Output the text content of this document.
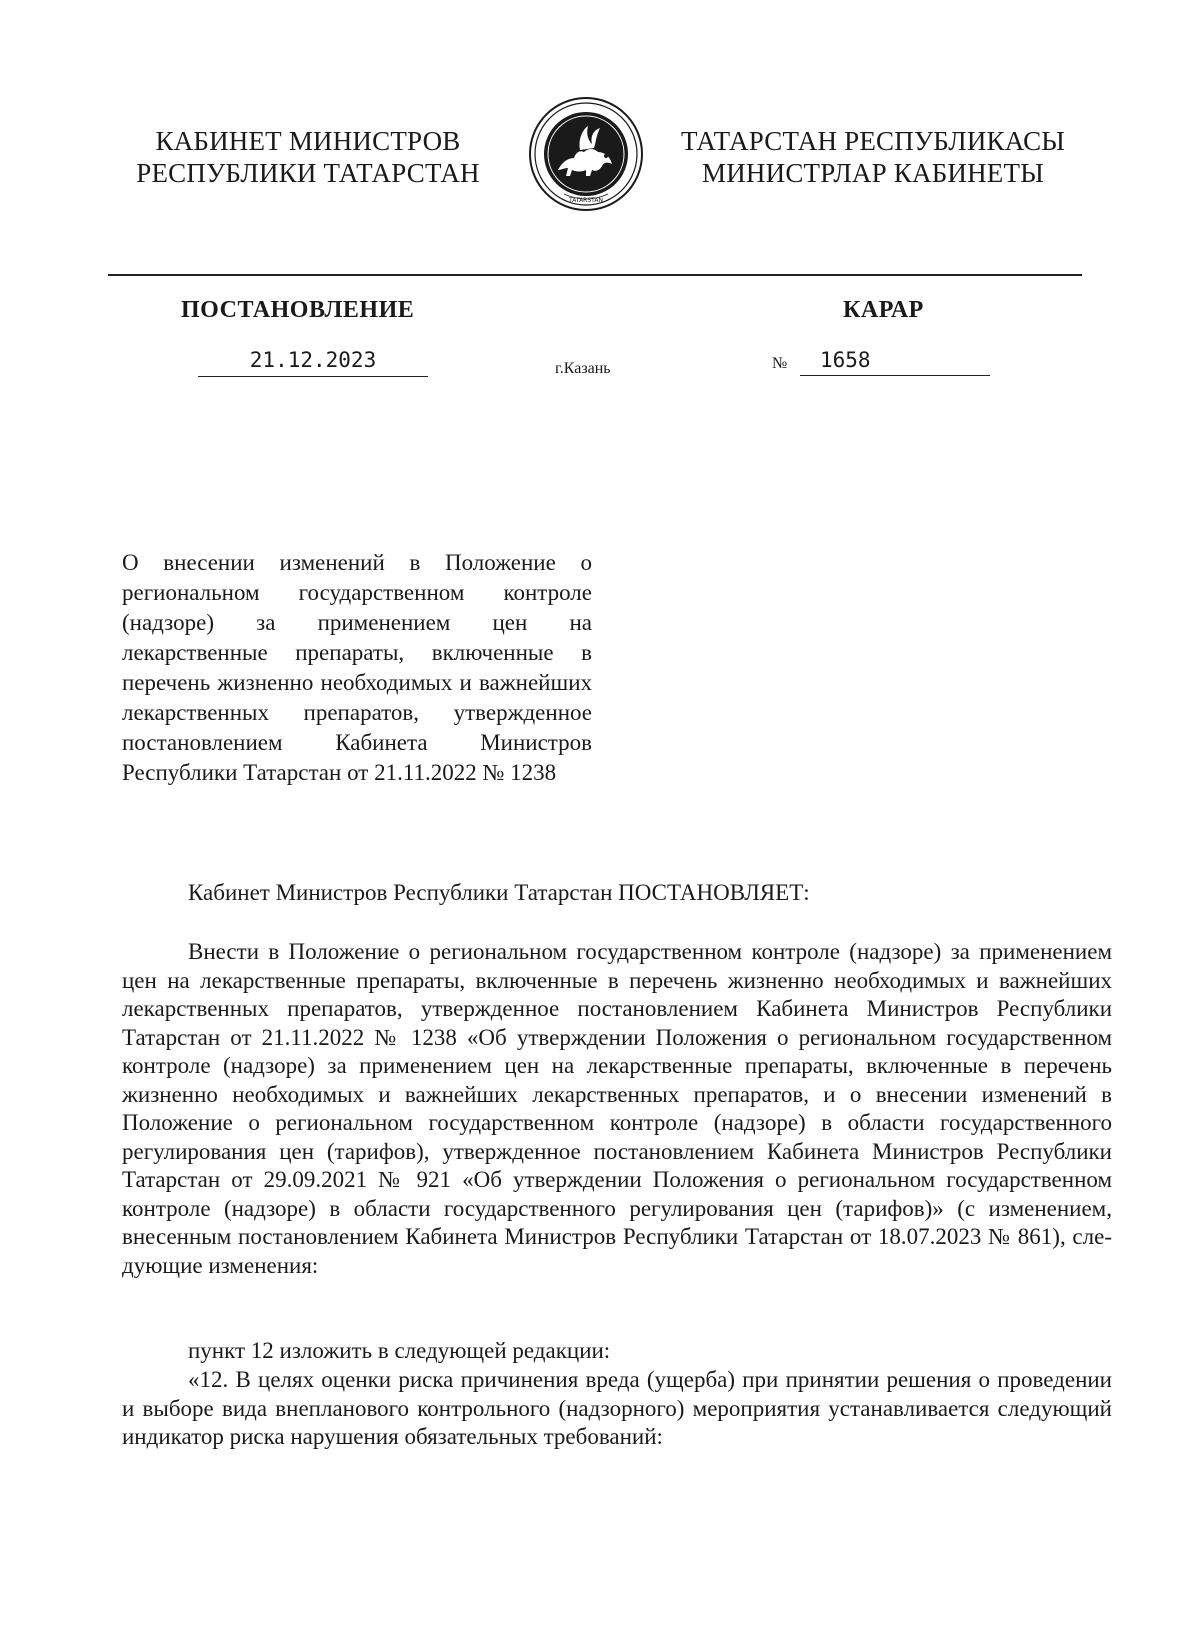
КАБИНЕТ МИНИСТРОВ
РЕСПУБЛИКИ ТАТАРСТАН
TATARSTAN
ТАТАРСТАН РЕСПУБЛИКАСЫ
МИНИСТРЛАР КАБИНЕТЫ
ПОСТАНОВЛЕНИЕ	КАРАР
21.12.2023	г.Казань	№	1658
О внесении изменений в Положение о региональном государственном контроле (надзоре) за применением цен на лекарственные препараты, включенные в перечень жизненно необходимых и важнейших лекарственных препаратов, утвержденное постановлением Кабинета Министров Республики Татарстан от 21.11.2022 № 1238
Кабинет Министров Республики Татарстан ПОСТАНОВЛЯЕТ:
Внести в Положение о региональном государственном контроле (надзоре) за применением цен на лекарственные препараты, включенные в перечень жизненно необходимых и важнейших лекарственных препаратов, утвержденное постановлением Кабинета Министров Республики Татарстан от 21.11.2022 № 1238 «Об утверждении Положения о региональном государственном контроле (надзоре) за применением цен на лекарственные препараты, включенные в перечень жизненно необходимых и важнейших лекарственных препаратов, и о внесении изменений в Положение о региональном государственном контроле (надзоре) в области государственного регулирования цен (тарифов), утвержденное постановлением Кабинета Министров Республики Татарстан от 29.09.2021 № 921 «Об утверждении Положения о региональном государственном контроле (надзоре) в области государственного регулирования цен (тарифов)» (с изменением, внесенным постановлением Кабинета Министров Республики Татарстан от 18.07.2023 № 861), следующие изменения:
пункт 12 изложить в следующей редакции:
«12. В целях оценки риска причинения вреда (ущерба) при принятии решения о проведении и выборе вида внепланового контрольного (надзорного) мероприятия устанавливается следующий индикатор риска нарушения обязательных требований:
